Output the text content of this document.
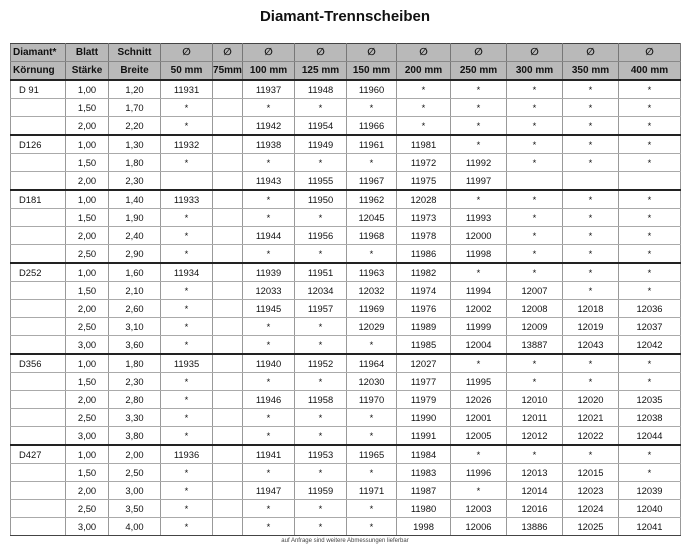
Diamant-Trennscheiben
Diamant*	Blatt	Schnitt	∅	∅	∅	∅	∅	∅	∅	∅	∅	∅
Körnung	Stärke	Breite	50 mm	75mm	100 mm	125 mm	150 mm	200 mm	250 mm	300 mm	350 mm	400 mm
D 91	1,00	1,20	11931		11937	11948	11960	*	*	*	*	*
	1,50	1,70	*		*	*	*	*	*	*	*	*
	2,00	2,20	*		11942	11954	11966	*	*	*	*	*
D126	1,00	1,30	11932		11938	11949	11961	11981	*	*	*	*
	1,50	1,80	*		*	*	*	11972	11992	*	*	*
	2,00	2,30			11943	11955	11967	11975	11997			
D181	1,00	1,40	11933		*	11950	11962	12028	*	*	*	*
	1,50	1,90	*		*	*	12045	11973	11993	*	*	*
	2,00	2,40	*		11944	11956	11968	11978	12000	*	*	*
	2,50	2,90	*		*	*	*	11986	11998	*	*	*
D252	1,00	1,60	11934		11939	11951	11963	11982	*	*	*	*
	1,50	2,10	*		12033	12034	12032	11974	11994	12007	*	*
	2,00	2,60	*		11945	11957	11969	11976	12002	12008	12018	12036
	2,50	3,10	*		*	*	12029	11989	11999	12009	12019	12037
	3,00	3,60	*		*	*	*	11985	12004	13887	12043	12042
D356	1,00	1,80	11935		11940	11952	11964	12027	*	*	*	*
	1,50	2,30	*		*	*	12030	11977	11995	*	*	*
	2,00	2,80	*		11946	11958	11970	11979	12026	12010	12020	12035
	2,50	3,30	*		*	*	*	11990	12001	12011	12021	12038
	3,00	3,80	*		*	*	*	11991	12005	12012	12022	12044
D427	1,00	2,00	11936		11941	11953	11965	11984	*	*	*	*
	1,50	2,50	*		*	*	*	11983	11996	12013	12015	*
	2,00	3,00	*		11947	11959	11971	11987	*	12014	12023	12039
	2,50	3,50	*		*	*	*	11980	12003	12016	12024	12040
	3,00	4,00	*		*	*	*	1998	12006	13886	12025	12041
auf Anfrage sind weitere Abmessungen lieferbar
